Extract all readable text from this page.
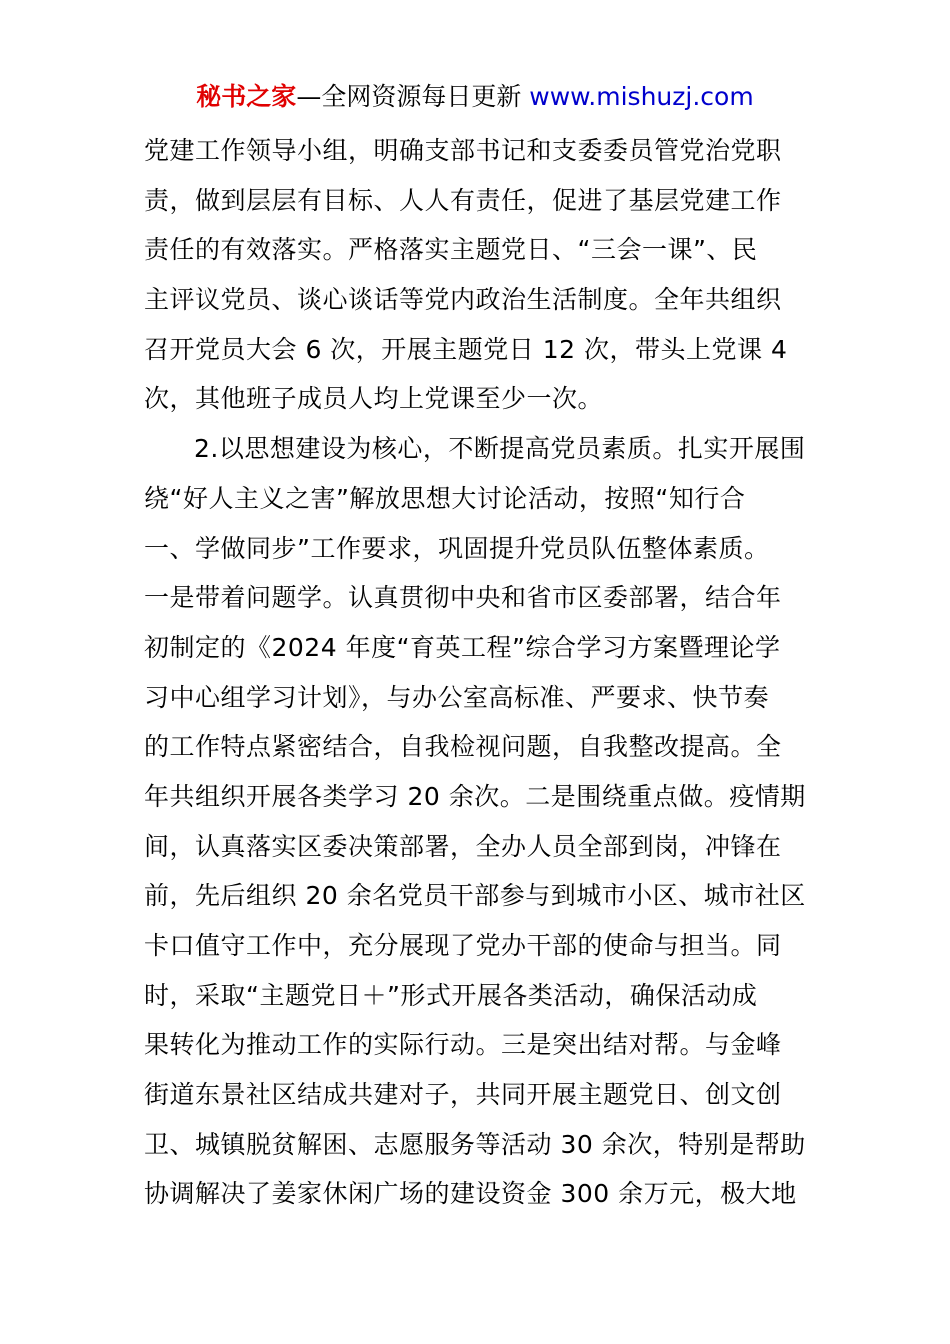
秘书之家—全网资源每日更新 www.mishuzj.com
党建工作领导小组，明确支部书记和支委委员管党治党职
责，做到层层有目标、人人有责任，促进了基层党建工作
责任的有效落实。严格落实主题党日、“三会一课”、民
主评议党员、谈心谈话等党内政治生活制度。全年共组织
召开党员大会 6 次，开展主题党日 12 次，带头上党课 4
次，其他班子成员人均上党课至少一次。
2.以思想建设为核心，不断提高党员素质。扎实开展围
绕“好人主义之害”解放思想大讨论活动，按照“知行合
一、学做同步”工作要求，巩固提升党员队伍整体素质。
一是带着问题学。认真贯彻中央和省市区委部署，结合年
初制定的《2024 年度“育英工程”综合学习方案暨理论学
习中心组学习计划》，与办公室高标准、严要求、快节奏
的工作特点紧密结合，自我检视问题，自我整改提高。全
年共组织开展各类学习 20 余次。二是围绕重点做。疫情期
间，认真落实区委决策部署，全办人员全部到岗，冲锋在
前，先后组织 20 余名党员干部参与到城市小区、城市社区
卡口值守工作中，充分展现了党办干部的使命与担当。同
时，采取“主题党日＋”形式开展各类活动，确保活动成
果转化为推动工作的实际行动。三是突出结对帮。与金峰
街道东景社区结成共建对子，共同开展主题党日、创文创
卫、城镇脱贫解困、志愿服务等活动 30 余次，特别是帮助
协调解决了姜家休闲广场的建设资金 300 余万元，极大地
